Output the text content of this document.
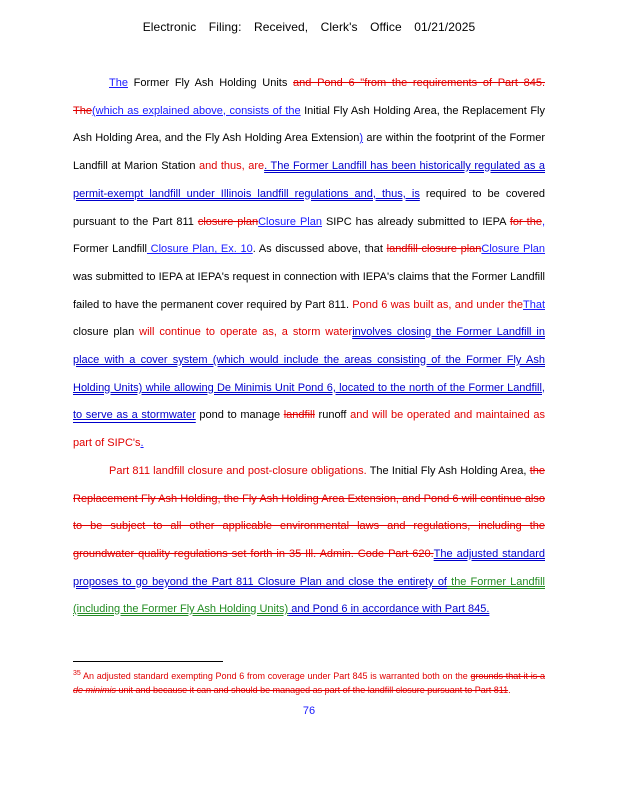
Electronic Filing: Received, Clerk's Office 01/21/2025

The Former Fly Ash Holding Units and Pond 6 "from the requirements of Part 845. The(which as explained above, consists of the Initial Fly Ash Holding Area, the Replacement Fly Ash Holding Area, and the Fly Ash Holding Area Extension) are within the footprint of the Former Landfill at Marion Station and thus, are. The Former Landfill has been historically regulated as a permit-exempt landfill under Illinois landfill regulations and, thus, is required to be covered pursuant to the Part 811 closure planClosure Plan SIPC has already submitted to IEPA for the, Former Landfill Closure Plan, Ex. 10. As discussed above, that landfill closure planClosure Plan was submitted to IEPA at IEPA's request in connection with IEPA's claims that the Former Landfill failed to have the permanent cover required by Part 811. Pond 6 was built as, and under theThat closure plan will continue to operate as, a storm waterinvolves closing the Former Landfill in place with a cover system (which would include the areas consisting of the Former Fly Ash Holding Units) while allowing De Minimis Unit Pond 6, located to the north of the Former Landfill, to serve as a stormwater pond to manage landfill runoff and will be operated and maintained as part of SIPC's.

Part 811 landfill closure and post-closure obligations. The Initial Fly Ash Holding Area, the Replacement Fly Ash Holding, the Fly Ash Holding Area Extension, and Pond 6 will continue also to be subject to all other applicable environmental laws and regulations, including the groundwater quality regulations set forth in 35 Ill. Admin. Code Part 620.The adjusted standard proposes to go beyond the Part 811 Closure Plan and close the entirety of the Former Landfill (including the Former Fly Ash Holding Units) and Pond 6 in accordance with Part 845.

$^{35}$ An adjusted standard exempting Pond 6 from coverage under Part 845 is warranted both on the grounds that it is a de minimis unit and because it can and should be managed as part of the landfill closure pursuant to Part 811.
76
